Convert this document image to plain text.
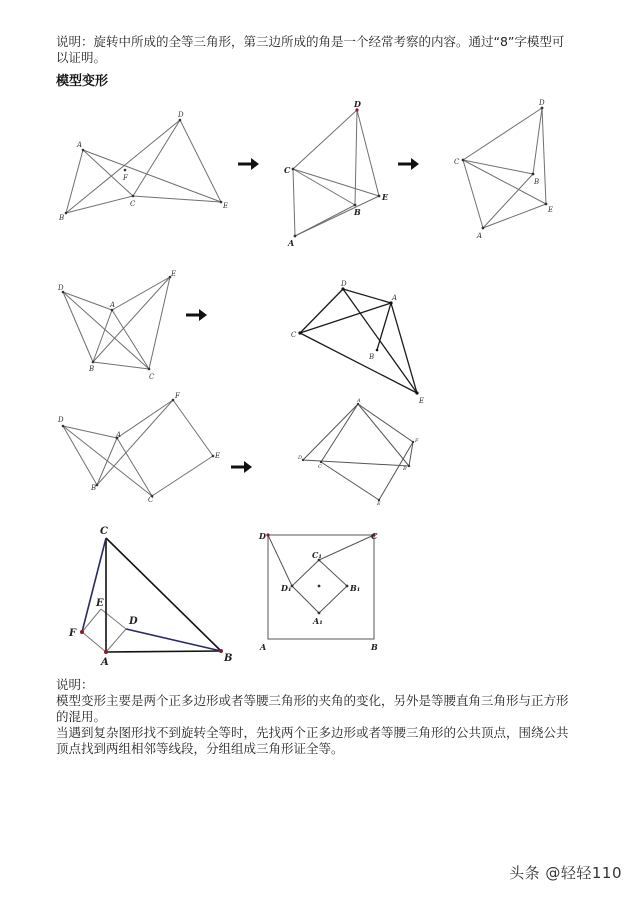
说明：旋转中所成的全等三角形，第三边所成的角是一个经常考察的内容。通过“8”字模型可

以证明。

模型变形
A
B
C
D
E
F
C
D
E
B
A
C
D
B
E
A
D
A
B
C
E
D
A
C
B
E
D
A
B
C
F
E	D
C
A
F
B
E
C
E
D
F
A	B
D	C
C₁
D₁	B₁
A₁
A	B

说明：

模型变形主要是两个正多边形或者等腰三角形的夹角的变化，另外是等腰直角三角形与正方形

的混用。

当遇到复杂图形找不到旋转全等时，先找两个正多边形或者等腰三角形的公共顶点，围绕公共

顶点找到两组相邻等线段，分组组成三角形证全等。

头条 @轻轻110
